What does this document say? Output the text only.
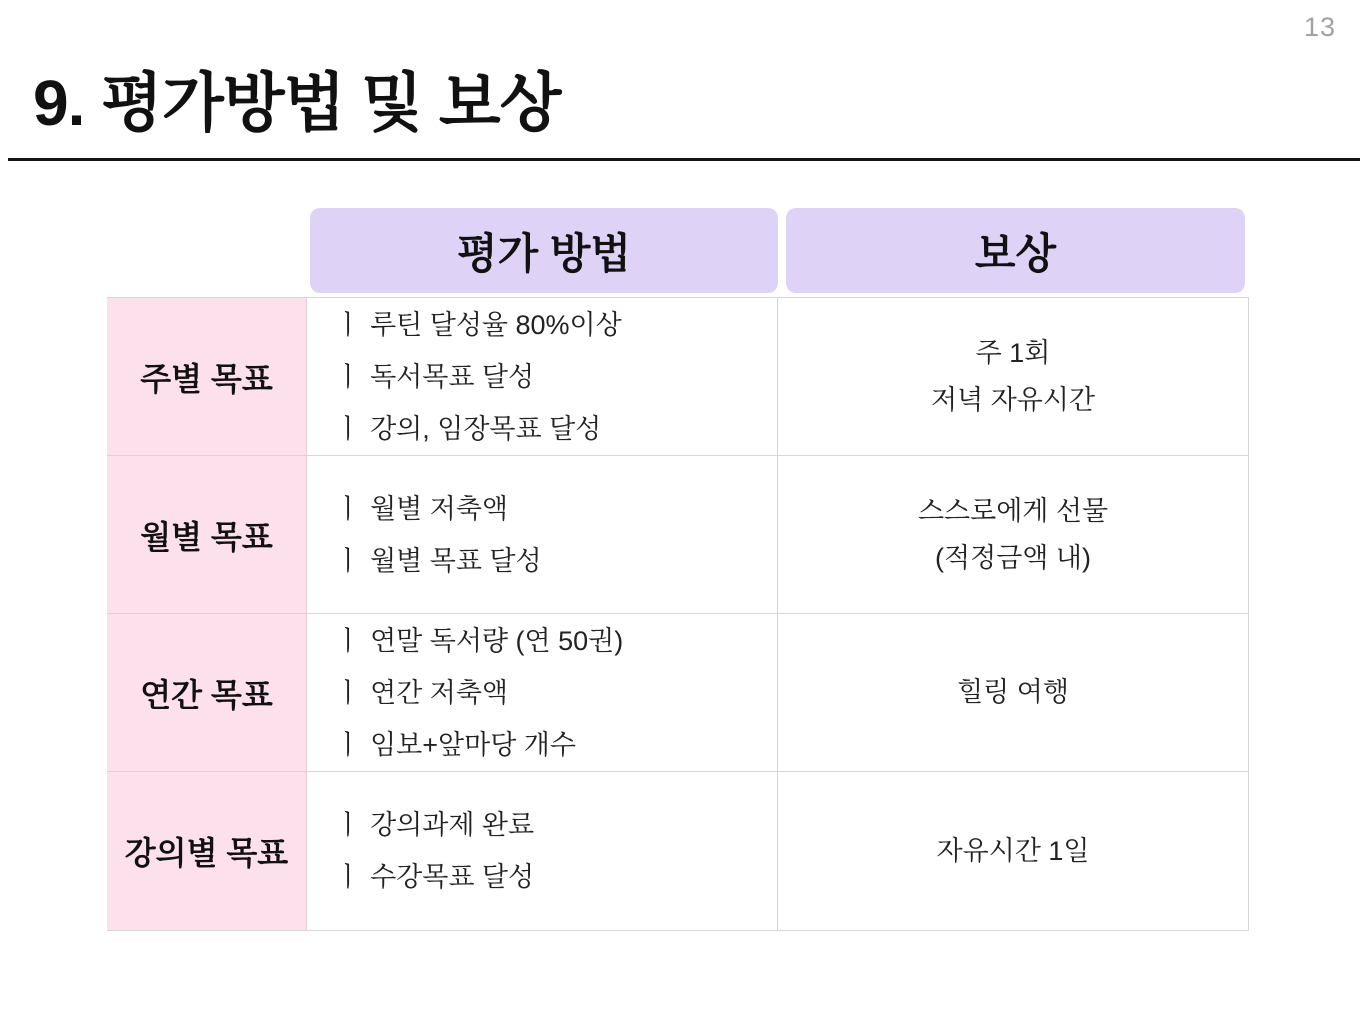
13
9. 평가방법 및 보상
평가 방법	보상
주별 목표
ㅣ 루틴 달성율 80%이상
ㅣ 독서목표 달성
ㅣ 강의, 임장목표 달성
주 1회
저녁 자유시간
월별 목표
ㅣ 월별 저축액
ㅣ 월별 목표 달성
스스로에게 선물
(적정금액 내)
연간 목표
ㅣ 연말 독서량 (연 50권)
ㅣ 연간 저축액
ㅣ 임보+앞마당 개수
힐링 여행
강의별 목표
ㅣ 강의과제 완료
ㅣ 수강목표 달성
자유시간 1일
